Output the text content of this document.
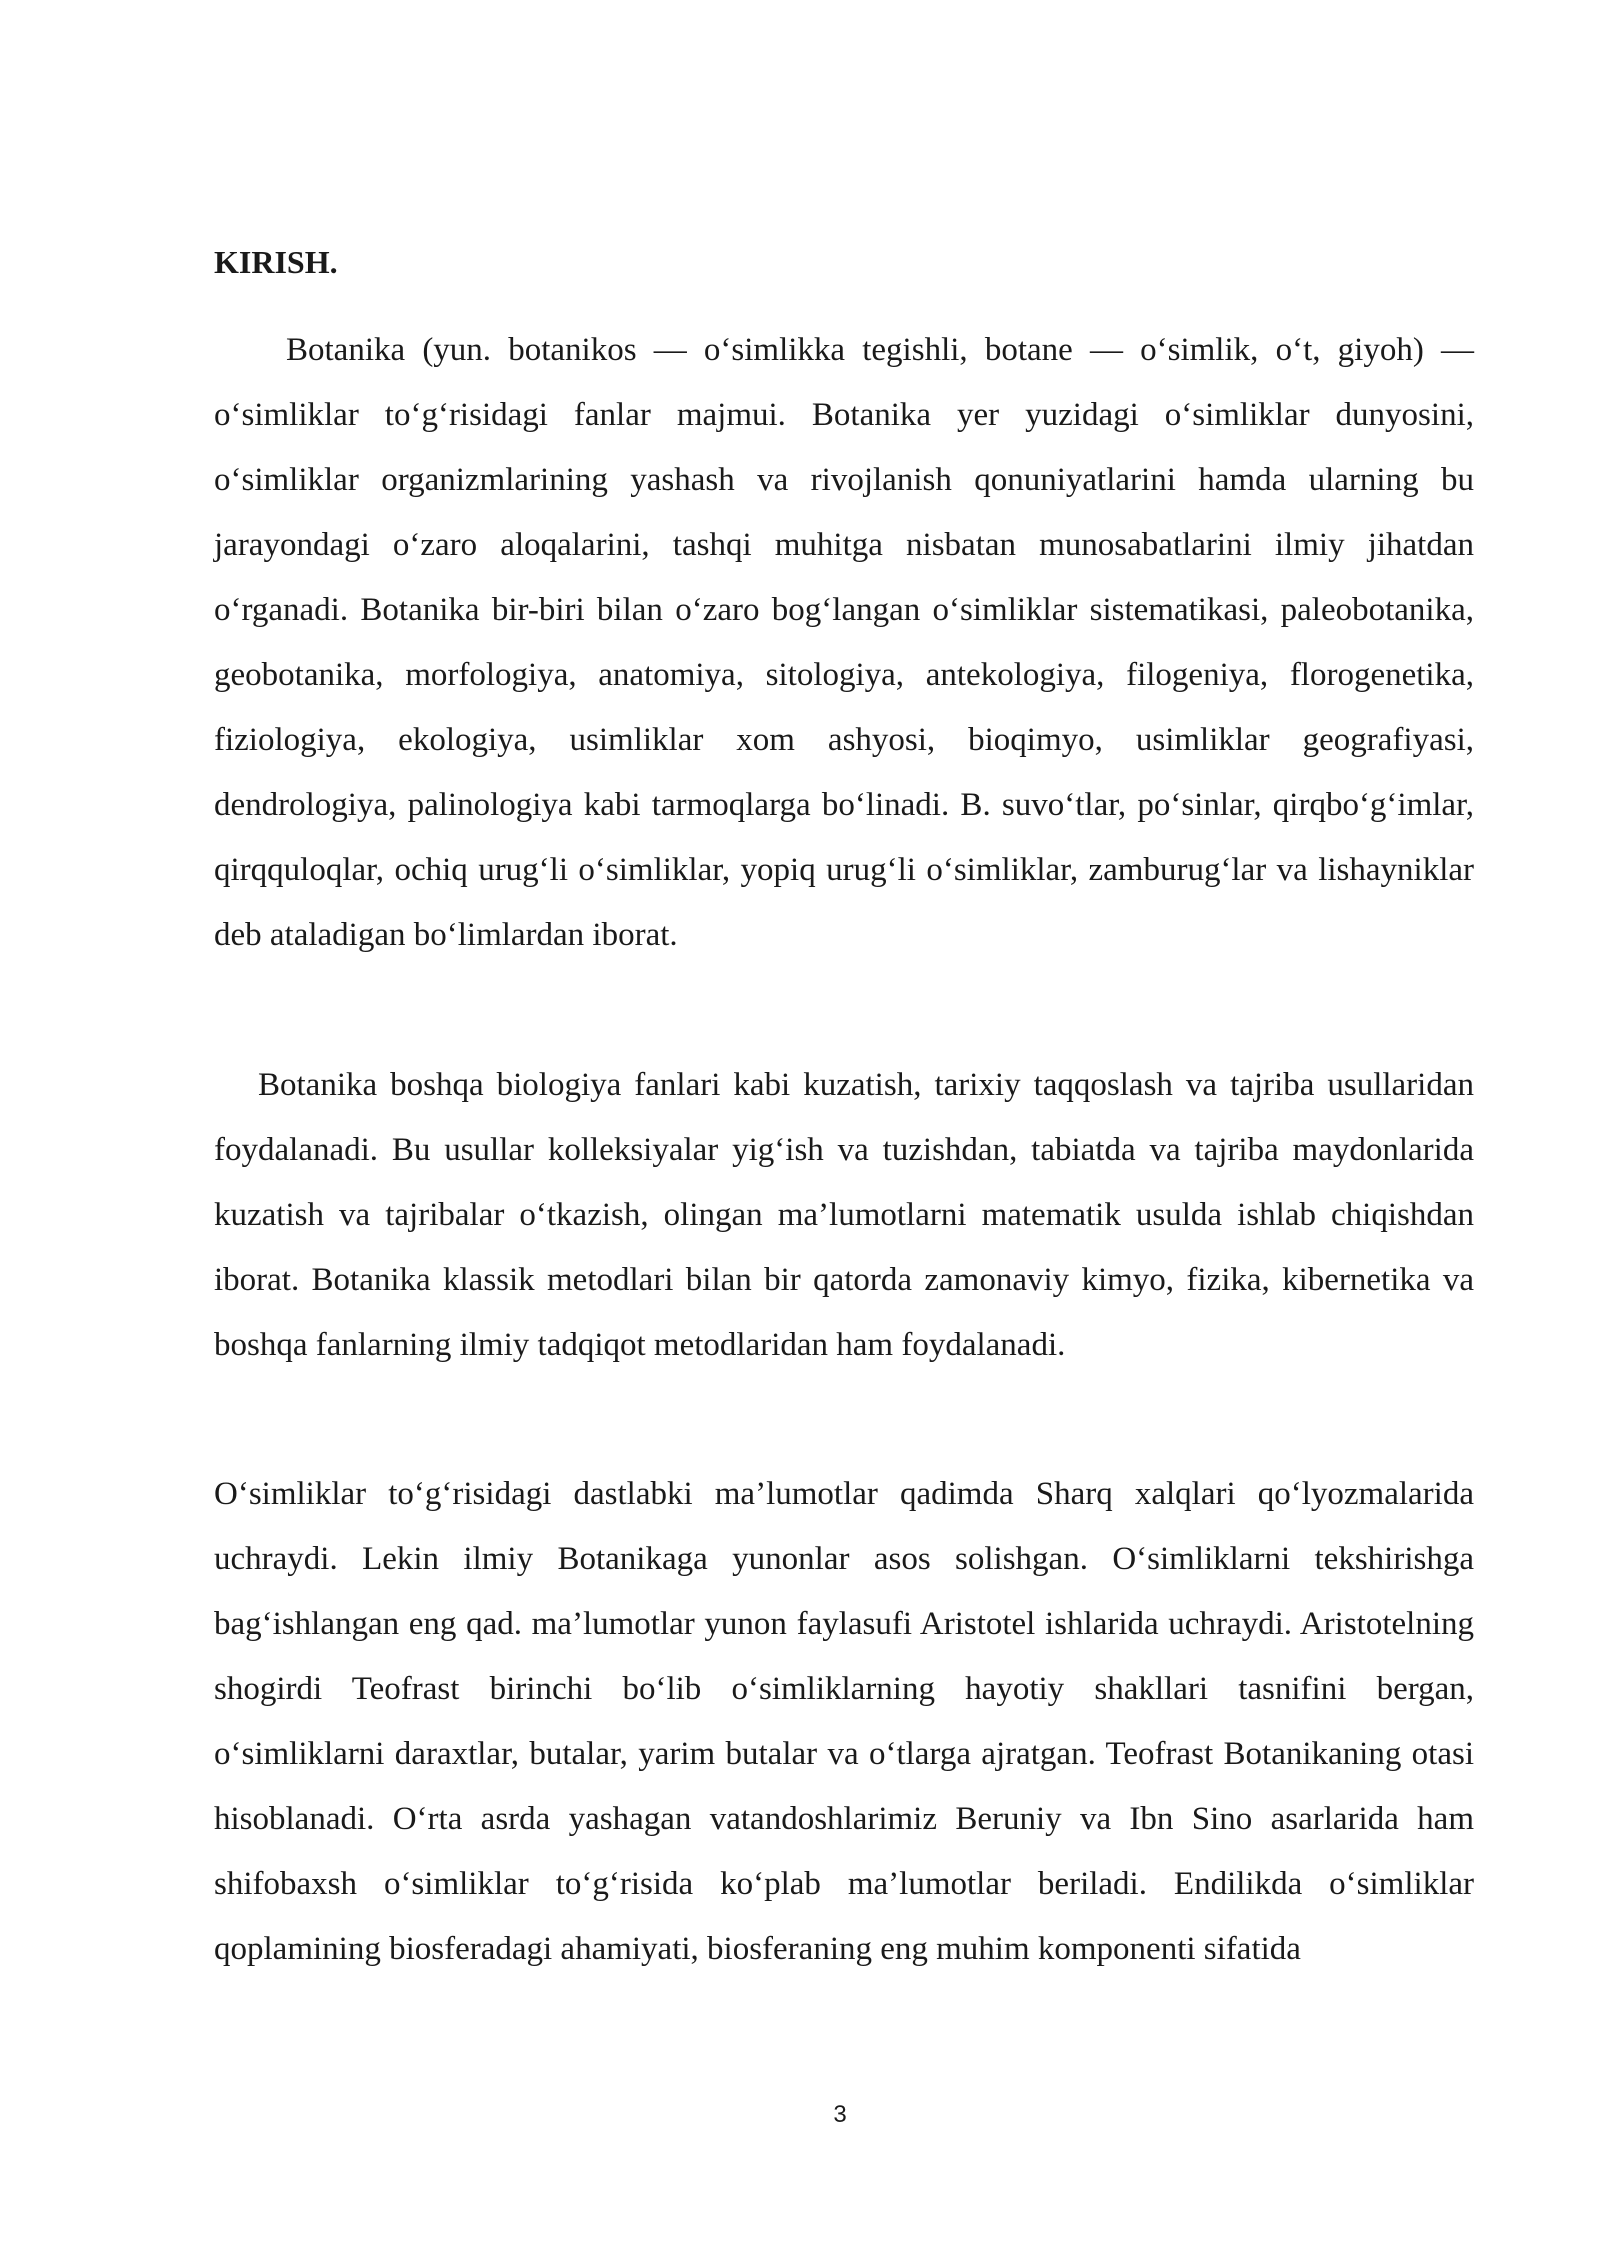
KIRISH.

Botanika (yun. botanikos — oʻsimlikka tegishli, botane — oʻsimlik, oʻt, giyoh) — oʻsimliklar toʻgʻrisidagi fanlar majmui. Botanika yer yuzidagi oʻsimliklar dunyosini, oʻsimliklar organizmlarining yashash va rivojlanish qonuniyatlarini hamda ularning bu jarayondagi oʻzaro aloqalarini, tashqi muhitga nisbatan munosabatlarini ilmiy jihatdan oʻrganadi. Botanika bir-biri bilan oʻzaro bogʻlangan oʻsimliklar sistematikasi, paleobotanika, geobotanika, morfologiya, anatomiya, sitologiya, antekologiya, filogeniya, florogenetika, fiziologiya, ekologiya, usimliklar xom ashyosi, bioqimyo, usimliklar geografiyasi, dendrologiya, palinologiya kabi tarmoqlarga boʻlinadi. B. suvoʻtlar, poʻsinlar, qirqboʻgʻimlar, qirqquloqlar, ochiq urugʻli oʻsimliklar, yopiq urugʻli oʻsimliklar, zamburugʻlar va lishayniklar deb ataladigan boʻlimlardan iborat.

Botanika boshqa biologiya fanlari kabi kuzatish, tarixiy taqqoslash va tajriba usullaridan foydalanadi. Bu usullar kolleksiyalar yigʻish va tuzishdan, tabiatda va tajriba maydonlarida kuzatish va tajribalar oʻtkazish, olingan ma’lumotlarni matematik usulda ishlab chiqishdan iborat. Botanika klassik metodlari bilan bir qatorda zamonaviy kimyo, fizika, kibernetika va boshqa fanlarning ilmiy tadqiqot metodlaridan ham foydalanadi.

Oʻsimliklar toʻgʻrisidagi dastlabki ma’lumotlar qadimda Sharq xalqlari qoʻlyozmalarida uchraydi. Lekin ilmiy Botanikaga yunonlar asos solishgan. Oʻsimliklarni tekshirishga bagʻishlangan eng qad. ma’lumotlar yunon faylasufi Aristotel ishlarida uchraydi. Aristotelning shogirdi Teofrast birinchi boʻlib oʻsimliklarning hayotiy shakllari tasnifini bergan, oʻsimliklarni daraxtlar, butalar, yarim butalar va oʻtlarga ajratgan. Teofrast Botanikaning otasi hisoblanadi. Oʻrta asrda yashagan vatandoshlarimiz Beruniy va Ibn Sino asarlarida ham shifobaxsh oʻsimliklar toʻgʻrisida koʻplab ma’lumotlar beriladi. Endilikda oʻsimliklar qoplamining biosferadagi ahamiyati, biosferaning eng muhim komponenti sifatida

3
